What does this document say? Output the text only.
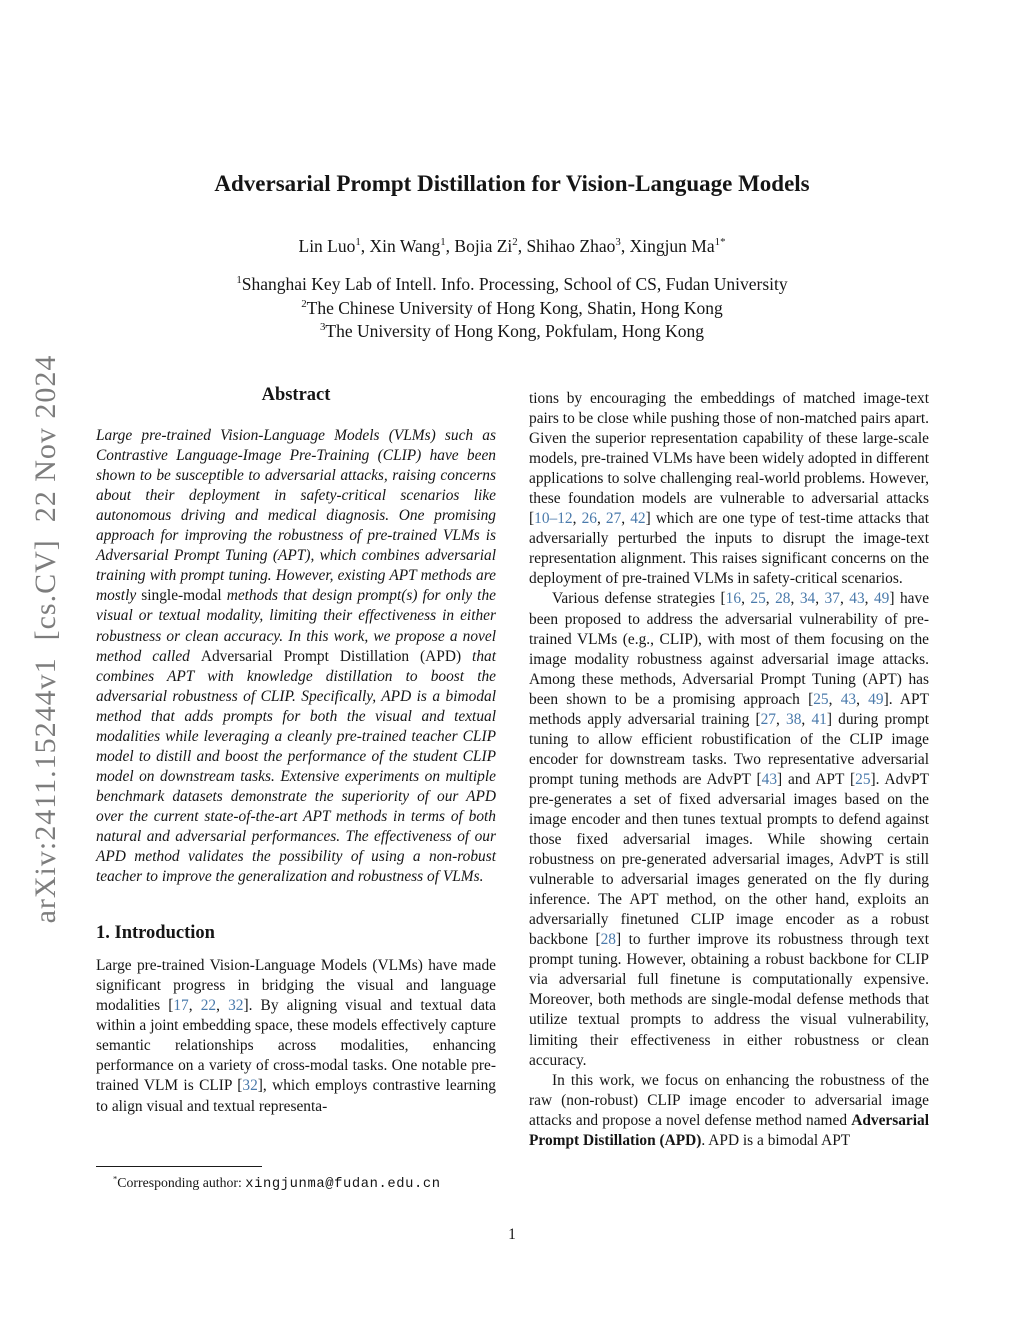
arXiv:2411.15244v1  [cs.CV]  22 Nov 2024
Adversarial Prompt Distillation for Vision-Language Models
Lin Luo$^1$, Xin Wang$^1$, Bojia Zi$^2$, Shihao Zhao$^3$, Xingjun $Ma^{1*}$
$^1$Shanghai Key Lab of Intell. Info. Processing, School of CS, Fudan University
$^2$The Chinese University of Hong Kong, Shatin, Hong Kong
$^3$The University of Hong Kong, Pokfulam, Hong Kong
Abstract

Large pre-trained Vision-Language Models (VLMs) such as Contrastive Language-Image Pre-Training (CLIP) have been shown to be susceptible to adversarial attacks, raising concerns about their deployment in safety-critical scenarios like autonomous driving and medical diagnosis. One promising approach for improving the robustness of pre-trained VLMs is Adversarial Prompt Tuning (APT), which combines adversarial training with prompt tuning. However, existing APT methods are mostly single-modal methods that design prompt(s) for only the visual or textual modality, limiting their effectiveness in either robustness or clean accuracy. In this work, we propose a novel method called Adversarial Prompt Distillation (APD) that combines APT with knowledge distillation to boost the adversarial robustness of CLIP. Specifically, APD is a bimodal method that adds prompts for both the visual and textual modalities while leveraging a cleanly pre-trained teacher CLIP model to distill and boost the performance of the student CLIP model on downstream tasks. Extensive experiments on multiple benchmark datasets demonstrate the superiority of our APD over the current state-of-the-art APT methods in terms of both natural and adversarial performances. The effectiveness of our APD method validates the possibility of using a non-robust teacher to improve the generalization and robustness of VLMs.

1. Introduction

Large pre-trained Vision-Language Models (VLMs) have made significant progress in bridging the visual and language modalities [17, 22, 32]. By aligning visual and textual data within a joint embedding space, these models effectively capture semantic relationships across modalities, enhancing performance on a variety of cross-modal tasks. One notable pre-trained VLM is CLIP [32], which employs contrastive learning to align visual and textual representa-

tions by encouraging the embeddings of matched image-text pairs to be close while pushing those of non-matched pairs apart. Given the superior representation capability of these large-scale models, pre-trained VLMs have been widely adopted in different applications to solve challenging real-world problems. However, these foundation models are vulnerable to adversarial attacks [10–12, 26, 27, 42] which are one type of test-time attacks that adversarially perturbed the inputs to disrupt the image-text representation alignment. This raises significant concerns on the deployment of pre-trained VLMs in safety-critical scenarios.

Various defense strategies [16, 25, 28, 34, 37, 43, 49] have been proposed to address the adversarial vulnerability of pre-trained VLMs (e.g., CLIP), with most of them focusing on the image modality robustness against adversarial image attacks. Among these methods, Adversarial Prompt Tuning (APT) has been shown to be a promising approach [25, 43, 49]. APT methods apply adversarial training [27, 38, 41] during prompt tuning to allow efficient robustification of the CLIP image encoder for downstream tasks. Two representative adversarial prompt tuning methods are AdvPT [43] and APT [25]. AdvPT pre-generates a set of fixed adversarial images based on the image encoder and then tunes textual prompts to defend against those fixed adversarial images. While showing certain robustness on pre-generated adversarial images, AdvPT is still vulnerable to adversarial images generated on the fly during inference. The APT method, on the other hand, exploits an adversarially finetuned CLIP image encoder as a robust backbone [28] to further improve its robustness through text prompt tuning. However, obtaining a robust backbone for CLIP via adversarial full finetune is computationally expensive. Moreover, both methods are single-modal defense methods that utilize textual prompts to address the visual vulnerability, limiting their effectiveness in either robustness or clean accuracy.

In this work, we focus on enhancing the robustness of the raw (non-robust) CLIP image encoder to adversarial image attacks and propose a novel defense method named Adversarial Prompt Distillation (APD). APD is a bimodal APT

*Corresponding author: xingjunma@fudan.edu.cn
1
